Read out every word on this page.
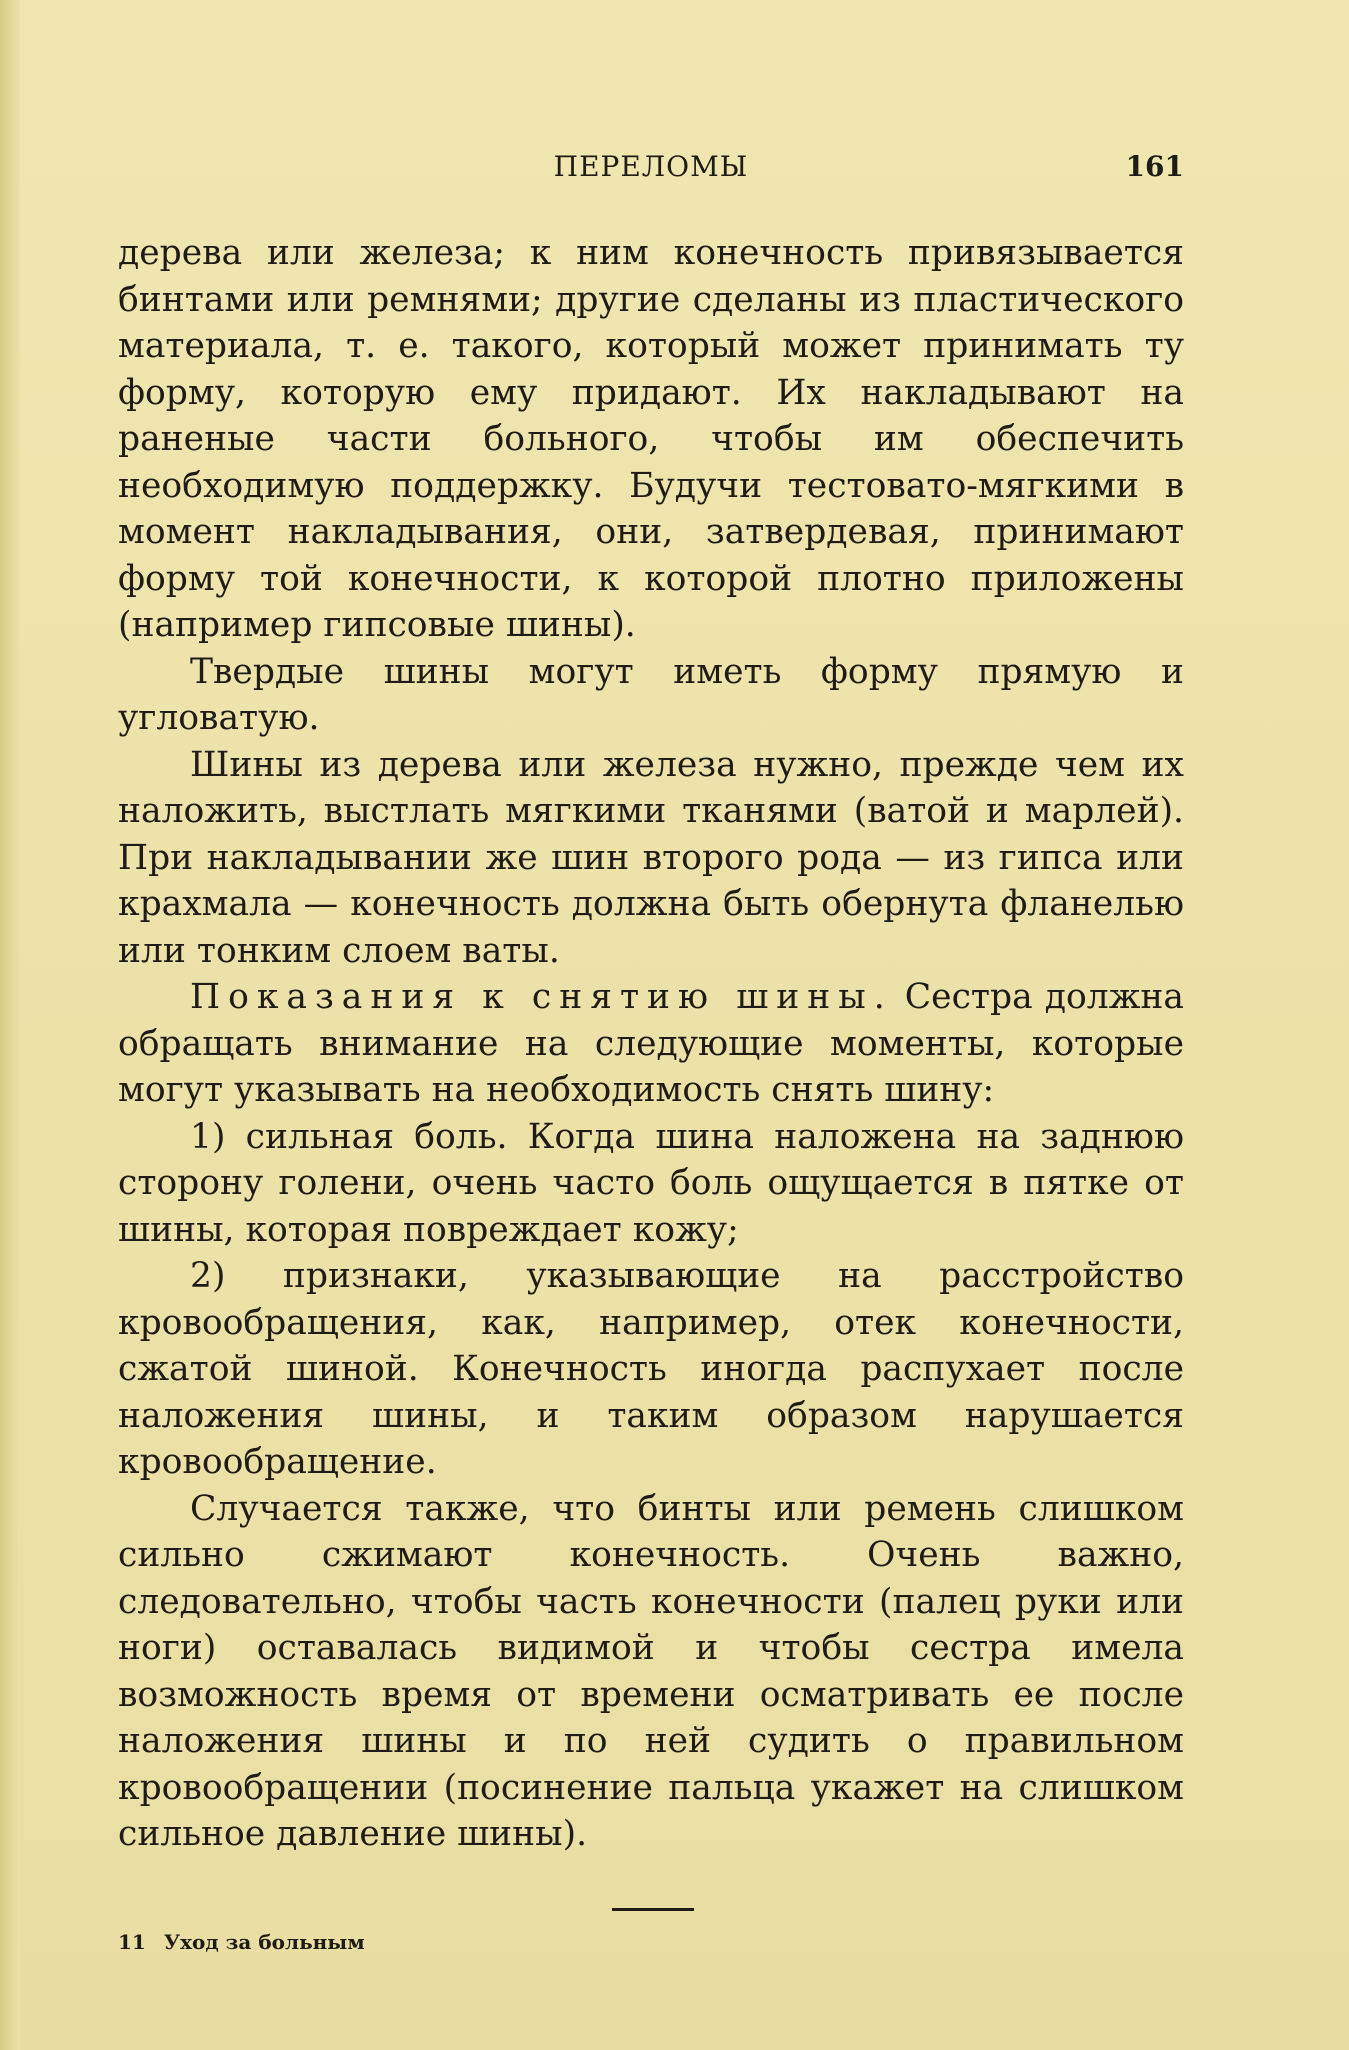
ПЕРЕЛОМЫ	161

дерева или железа; к ним конечность привязывается бинтами или ремнями; другие сделаны из пластического материала, т. е. такого, который может принимать ту форму, которую ему придают. Их накладывают на раненые части больного, чтобы им обеспечить необходимую поддержку. Будучи тестовато-мягкими в момент накладывания, они, затвердевая, принимают форму той конечности, к которой плотно приложены (например гипсовые шины).

Твердые шины могут иметь форму прямую и угловатую.

Шины из дерева или железа нужно, прежде чем их наложить, выстлать мягкими тканями (ватой и марлей). При накладывании же шин второго рода — из гипса или крахмала — конечность должна быть обернута фланелью или тонким слоем ваты.

Показания к снятию шины. Сестра должна обращать внимание на следующие моменты, которые могут указывать на необходимость снять шину:

1) сильная боль. Когда шина наложена на заднюю сторону голени, очень часто боль ощущается в пятке от шины, которая повреждает кожу;

2) признаки, указывающие на расстройство кровообращения, как, например, отек конечности, сжатой шиной. Конечность иногда распухает после наложения шины, и таким образом нарушается кровообращение.

Случается также, что бинты или ремень слишком сильно сжимают конечность. Очень важно, следовательно, чтобы часть конечности (палец руки или ноги) оставалась видимой и чтобы сестра имела возможность время от времени осматривать ее после наложения шины и по ней судить о правильном кровообращении (посинение пальца укажет на слишком сильное давление шины).

11 Уход за больным
